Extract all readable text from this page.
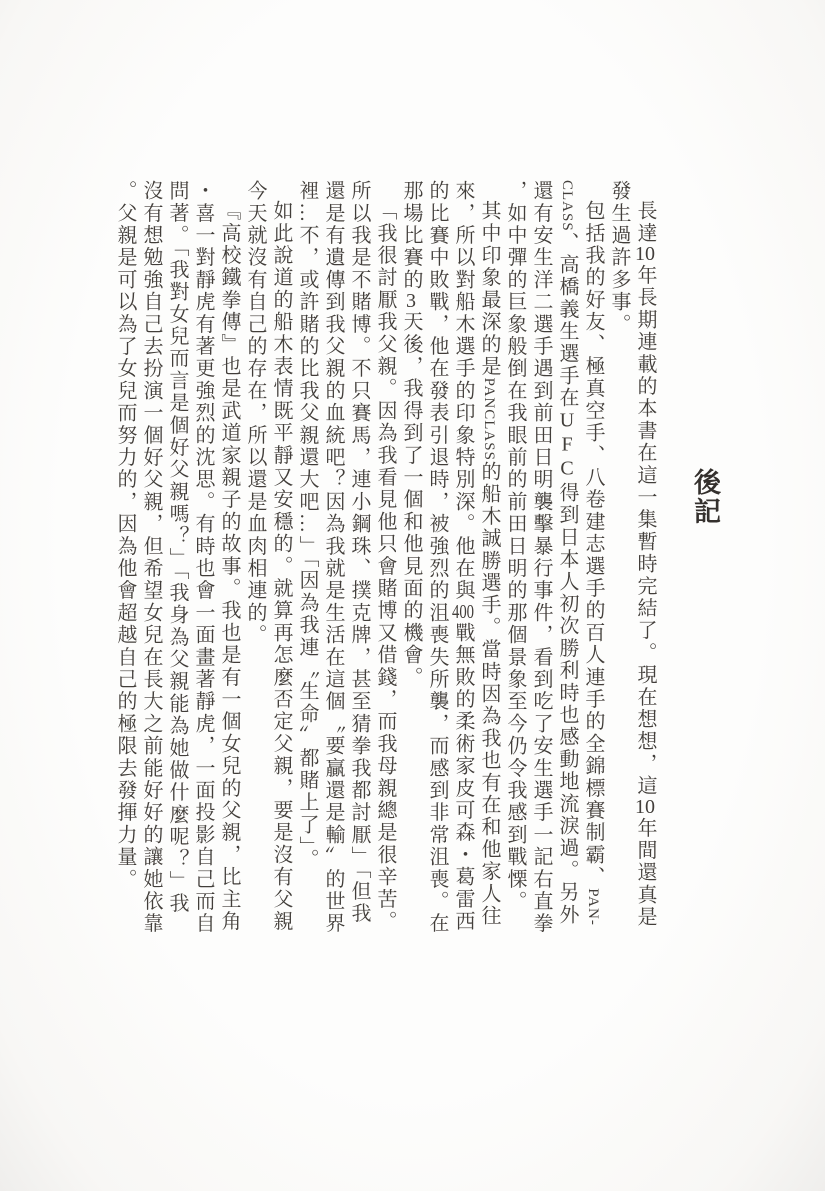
後記

長達10年長期連載的本書在這一集暫時完結了。現在想想，這10年間還真是發生過許多事。

包括我的好友、極真空手、八卷建志選手的百人連手的全錦標賽制霸、PAN-CLASS、高橋義生選手在UFC得到日本人初次勝利時也感動地流淚過。另外還有安生洋二選手遇到前田日明襲擊暴行事件，看到吃了安生選手一記右直拳，如中彈的巨象般倒在我眼前的前田日明的那個景象至今仍令我感到戰慄。

其中印象最深的是PANCLASS的船木誠勝選手。當時因為我也有在和他家人往來，所以對船木選手的印象特別深。他在與400戰無敗的柔術家皮可森・葛雷西的比賽中敗戰，他在發表引退時，被強烈的沮喪失所襲，而感到非常沮喪。在那場比賽的3天後，我得到了一個和他見面的機會。

「我很討厭我父親。因為我看見他只會賭博又借錢，而我母親總是很辛苦。所以我是不賭博。不只賽馬，連小鋼珠、撲克牌，甚至猜拳我都討厭」「但我還是有遺傳到我父親的血統吧？因為我就是生活在這個〝要贏還是輸〟的世界裡…不，或許賭的比我父親還大吧…」「因為我連〝生命〟都賭上了」。

如此說道的船木表情既平靜又安穩的。就算再怎麼否定父親，要是沒有父親今天就沒有自己的存在，所以還是血肉相連的。

『高校鐵拳傳』也是武道家親子的故事。我也是有一個女兒的父親，比主角・喜一對靜虎有著更強烈的沈思。有時也會一面畫著靜虎，一面投影自己而自問著。「我對女兒而言是個好父親嗎？」「我身為父親能為她做什麼呢？」我沒有想勉強自己去扮演一個好父親，但希望女兒在長大之前能好好的讓她依靠。父親是可以為了女兒而努力的，因為他會超越自己的極限去發揮力量。
